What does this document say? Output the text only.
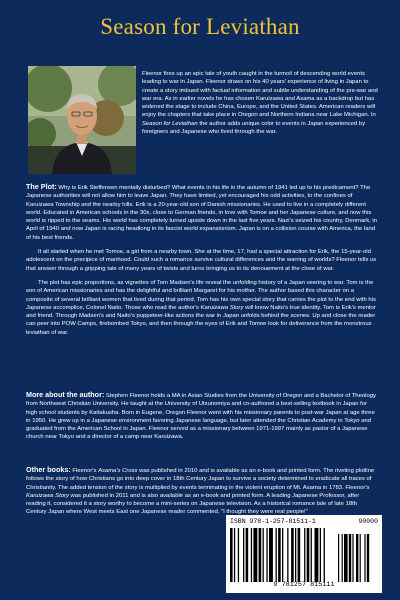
Season for Leviathan
Fleenor fires up an epic tale of youth caught in the turmoil of descending world events leading to war in Japan. Fleenor draws on his 40 years' experience of living in Japan to create a story imbued with factual information and subtle understanding of the pre-war and war era. As in earlier novels he has chosen Karuizawa and Asama as a backdrop but has widened the stage to include China, Europe, and the United States. American readers will enjoy the chapters that take place in Oregon and Northern Indiana near Lake Michigan. In Season for Leviathan the author adds unique color to events in Japan experienced by foreigners and Japanese who lived through the war.

The Plot: Why is Erik Steffensen mentally disturbed? What events in his life in the autumn of 1941 led up to his predicament? The Japanese authorities will not allow him to leave Japan. They have limited, yet encouraged his odd activities, to the confines of Karuizawa Township and the nearby hills. Erik is a 20-year-old son of Danish missionaries. He used to live in a completely different world. Educated in American schools in the 30s, close to German friends, in love with Tomoe and her Japanese culture, and now this world is ripped to the seams. His world has completely turned upside down in the last five years. Nazi's seized his country, Denmark, in April of 1940 and now Japan is racing headlong in its fascist world expansionism. Japan is on a collision course with America, the land of his best friends.

It all started when he met Tomoe, a girl from a nearby town. She at the time, 17, had a special attraction for Erik, the 15-year-old adolescent on the precipice of manhood. Could such a romance survive cultural differences and the warring of worlds? Fleenor tells us that answer through a gripping tale of many years of twists and turns bringing us to its denouement at the close of war.

The plot has epic proportions, as vignettes of Tom Madsen's life reveal the unfolding history of a Japan veering to war. Tom is the son of American missionaries and has the delightful and brilliant Margaret for his mother. The author based this character on a composite of several brilliant women that lived during that period. Tom has his own special story that carries the plot to the end with his Japanese accomplice, Colonel Naito. Those who read the author's Karuizawa Story will know Naito's true identity. Tom is Erik's mentor and friend. Through Madsen's and Naito's puppeteer-like actions the war in Japan unfolds behind the scenes. Up and close the reader can peer into POW Camps, firebombed Tokyo, and then through the eyes of Erik and Tomoe look for deliverance from the monstrous leviathan of war.

More about the author: Stephen Fleenor holds a MA in Asian Studies from the University of Oregon and a Bachelor of Theology from Northwest Christian University. He taught at the University of Utsunomiya and co-authored a best-selling textbook in Japan for high school students by Kaitakusha. Born in Eugene, Oregon Fleenor went with his missionary parents to post-war Japan at age three in 1950. He grew up in a Japanese environment favoring Japanese language, but later attended the Christian Academy in Tokyo and graduated from the American School in Japan. Fleenor served as a missionary between 1971-1997 mainly as pastor of a Japanese church near Tokyo and a director of a camp near Karuizawa.
Other books: Fleenor's Asama's Cross was published in 2010 and is available as an e-book and printed form. The riveting plotline follows the story of how Christians go into deep cover in 18th Century Japan to survive a society determined to eradicate all traces of Christianity. The added tension of the story is multiplied by events terminating in the violent eruption of Mt. Asama in 1783. Fleenor's Karuizawa Story was published in 2011 and is also available as an e-book and printed form. A leading Japanese Professor, after reading it, considered it a story worthy to become a mini-series on Japanese television. As a historical romance tale of late 18th Century Japan where West meets East one Japanese reader commented, "I thought they were real people!"
ISBN 978-1-257-81511-1	90000
9 781257 815111
